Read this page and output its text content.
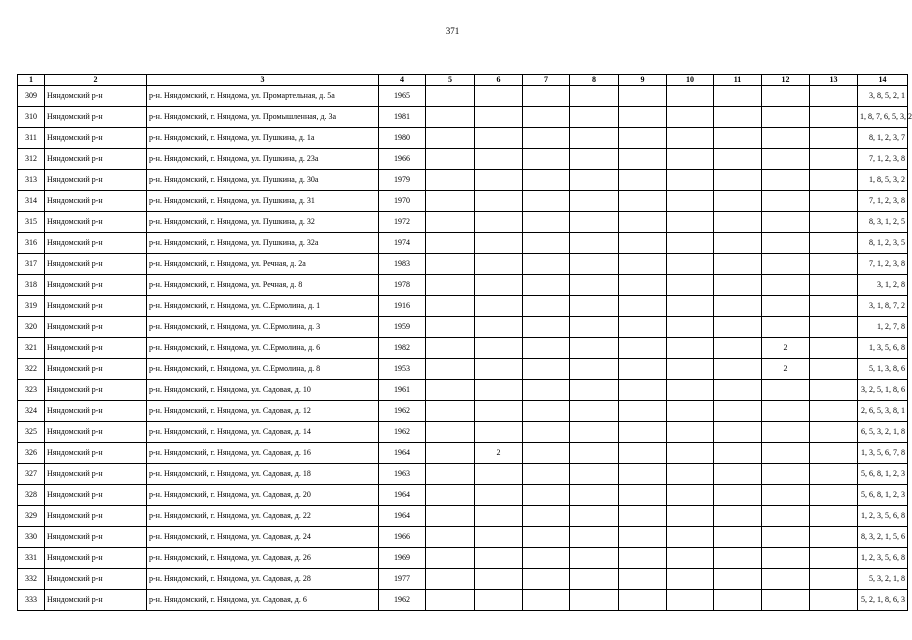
371
1	2	3	4	5	6	7	8	9	10	11	12	13	14
309	Няндомский р-н	р-н. Няндомский, г. Няндома, ул. Промартельная, д. 5а	1965										3, 8, 5, 2, 1
310	Няндомский р-н	р-н. Няндомский, г. Няндома, ул. Промышленная, д. 3а	1981										1, 8, 7, 6, 5, 3, 2
311	Няндомский р-н	р-н. Няндомский, г. Няндома, ул. Пушкина, д. 1а	1980										8, 1, 2, 3, 7
312	Няндомский р-н	р-н. Няндомский, г. Няндома, ул. Пушкина, д. 23а	1966										7, 1, 2, 3, 8
313	Няндомский р-н	р-н. Няндомский, г. Няндома, ул. Пушкина, д. 30а	1979										1, 8, 5, 3, 2
314	Няндомский р-н	р-н. Няндомский, г. Няндома, ул. Пушкина, д. 31	1970										7, 1, 2, 3, 8
315	Няндомский р-н	р-н. Няндомский, г. Няндома, ул. Пушкина, д. 32	1972										8, 3, 1, 2, 5
316	Няндомский р-н	р-н. Няндомский, г. Няндома, ул. Пушкина, д. 32а	1974										8, 1, 2, 3, 5
317	Няндомский р-н	р-н. Няндомский, г. Няндома, ул. Речная, д. 2а	1983										7, 1, 2, 3, 8
318	Няндомский р-н	р-н. Няндомский, г. Няндома, ул. Речная, д. 8	1978										3, 1, 2, 8
319	Няндомский р-н	р-н. Няндомский, г. Няндома, ул. С.Ермолина, д. 1	1916										3, 1, 8, 7, 2
320	Няндомский р-н	р-н. Няндомский, г. Няндома, ул. С.Ермолина, д. 3	1959										1, 2, 7, 8
321	Няндомский р-н	р-н. Няндомский, г. Няндома, ул. С.Ермолина, д. 6	1982								2		1, 3, 5, 6, 8
322	Няндомский р-н	р-н. Няндомский, г. Няндома, ул. С.Ермолина, д. 8	1953								2		5, 1, 3, 8, 6
323	Няндомский р-н	р-н. Няндомский, г. Няндома, ул. Садовая, д. 10	1961										3, 2, 5, 1, 8, 6
324	Няндомский р-н	р-н. Няндомский, г. Няндома, ул. Садовая, д. 12	1962										2, 6, 5, 3, 8, 1
325	Няндомский р-н	р-н. Няндомский, г. Няндома, ул. Садовая, д. 14	1962										6, 5, 3, 2, 1, 8
326	Няндомский р-н	р-н. Няндомский, г. Няндома, ул. Садовая, д. 16	1964		2								1, 3, 5, 6, 7, 8
327	Няндомский р-н	р-н. Няндомский, г. Няндома, ул. Садовая, д. 18	1963										5, 6, 8, 1, 2, 3
328	Няндомский р-н	р-н. Няндомский, г. Няндома, ул. Садовая, д. 20	1964										5, 6, 8, 1, 2, 3
329	Няндомский р-н	р-н. Няндомский, г. Няндома, ул. Садовая, д. 22	1964										1, 2, 3, 5, 6, 8
330	Няндомский р-н	р-н. Няндомский, г. Няндома, ул. Садовая, д. 24	1966										8, 3, 2, 1, 5, 6
331	Няндомский р-н	р-н. Няндомский, г. Няндома, ул. Садовая, д. 26	1969										1, 2, 3, 5, 6, 8
332	Няндомский р-н	р-н. Няндомский, г. Няндома, ул. Садовая, д. 28	1977										5, 3, 2, 1, 8
333	Няндомский р-н	р-н. Няндомский, г. Няндома, ул. Садовая, д. 6	1962										5, 2, 1, 8, 6, 3
